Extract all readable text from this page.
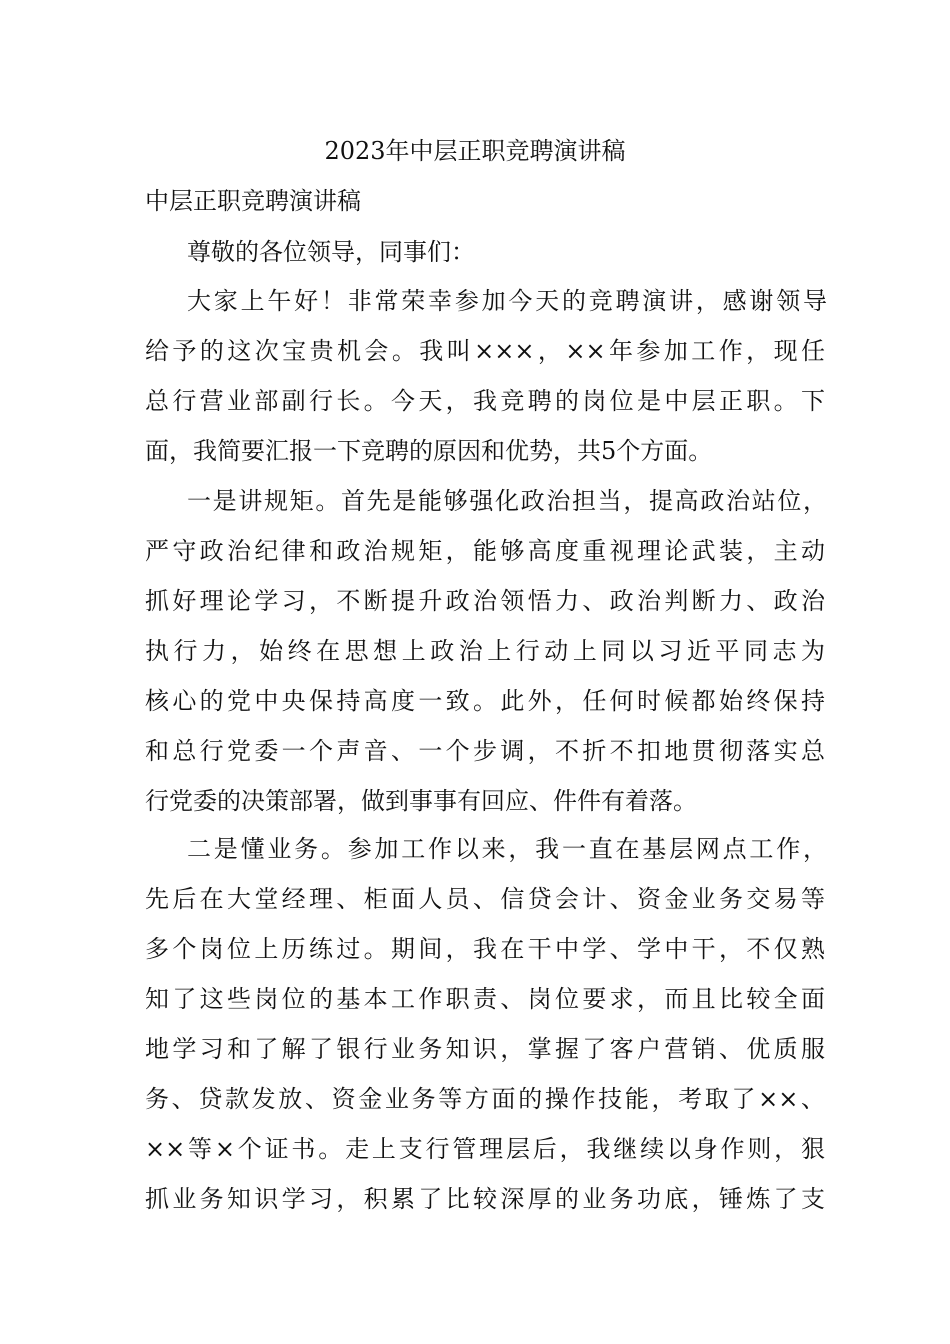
2023年中层正职竞聘演讲稿
中层正职竞聘演讲稿
尊敬的各位领导，同事们：
大家上午好！非常荣幸参加今天的竞聘演讲，感谢领导
给予的这次宝贵机会。我叫×××，××年参加工作，现任
总行营业部副行长。今天，我竞聘的岗位是中层正职。下
面，我简要汇报一下竞聘的原因和优势，共5个方面。
一是讲规矩。首先是能够强化政治担当，提高政治站位，
严守政治纪律和政治规矩，能够高度重视理论武装，主动
抓好理论学习，不断提升政治领悟力、政治判断力、政治
执行力，始终在思想上政治上行动上同以习近平同志为
核心的党中央保持高度一致。此外，任何时候都始终保持
和总行党委一个声音、一个步调，不折不扣地贯彻落实总
行党委的决策部署，做到事事有回应、件件有着落。
二是懂业务。参加工作以来，我一直在基层网点工作，
先后在大堂经理、柜面人员、信贷会计、资金业务交易等
多个岗位上历练过。期间，我在干中学、学中干，不仅熟
知了这些岗位的基本工作职责、岗位要求，而且比较全面
地学习和了解了银行业务知识，掌握了客户营销、优质服
务、贷款发放、资金业务等方面的操作技能，考取了××、
××等×个证书。走上支行管理层后，我继续以身作则，狠
抓业务知识学习，积累了比较深厚的业务功底，锤炼了支
